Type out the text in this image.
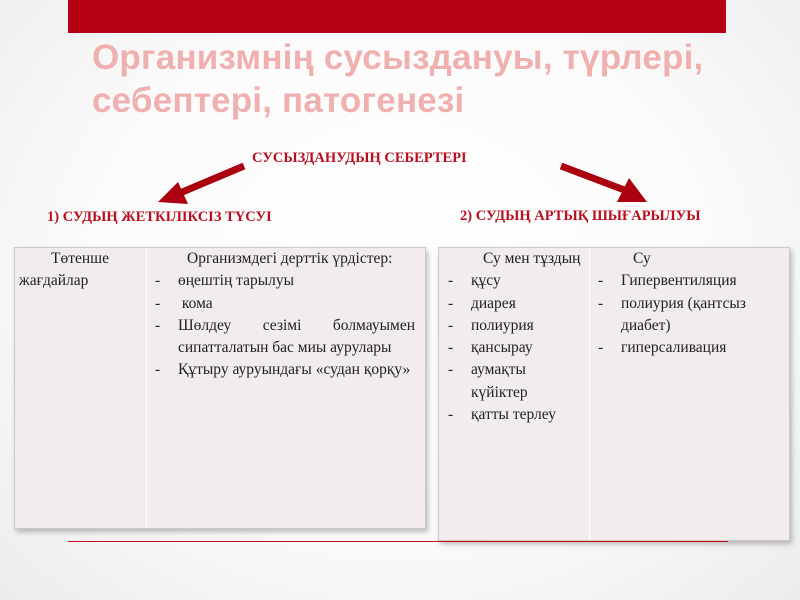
Организмнің сусыздануы, түрлері, себептері, патогенезі
СУСЫЗДАНУДЫҢ СЕБЕРТЕРІ
1) СУДЫҢ ЖЕТКІЛІКСІЗ ТҮСУІ	2) СУДЫҢ АРТЫҚ ШЫҒАРЫЛУЫ

Төтенше жағдайлар

Организмдегі дерттік үрдістер:

- өңештің тарылуы
-  кома
- Шөлдеу сезімі болмауымен сипатталатын бас миы аурулары
- Құтыру ауруындағы «судан қорқу»

Су мен тұздың

- құсу
- диарея
- полиурия
- қансырау
- аумақты күйіктер
- қатты терлеу

Су

- Гипервентиляция
- полиурия (қантсыз диабет)
- гиперсаливация
